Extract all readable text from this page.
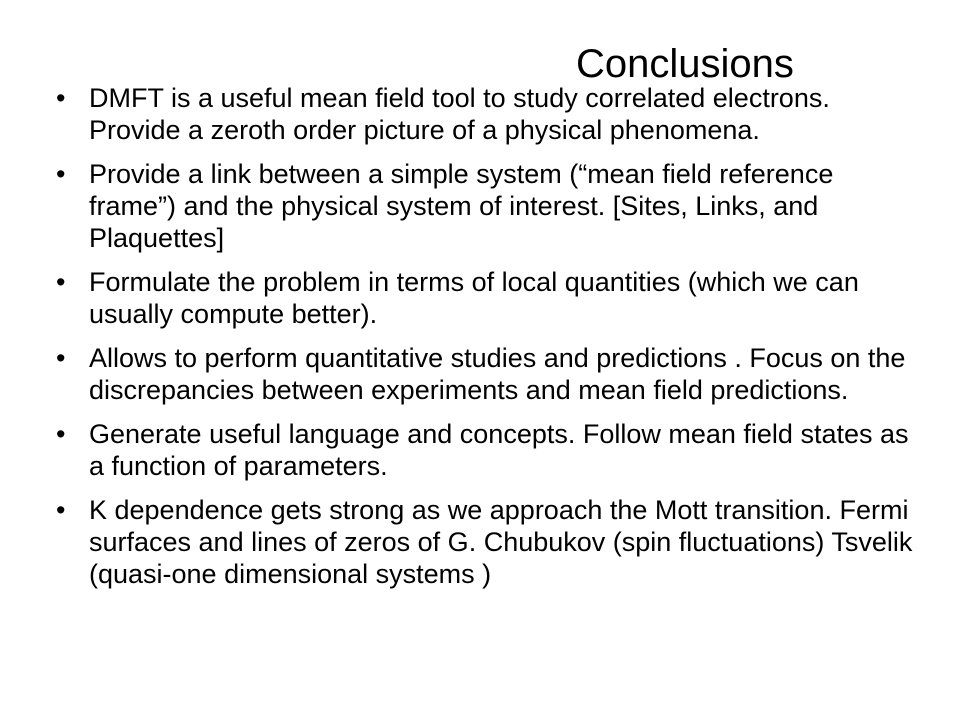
Conclusions
• DMFT is a useful mean field tool to study correlated electrons. Provide a zeroth order picture of a physical phenomena.
• Provide a link between a simple system (“mean field reference frame”) and the physical system of interest. [Sites, Links, and Plaquettes]
• Formulate the problem in terms of local quantities (which we can usually compute better).
• Allows to perform quantitative studies and predictions . Focus on the discrepancies between experiments and mean field predictions.
• Generate useful language and concepts. Follow mean field states as a function of parameters.
• K dependence gets strong as we approach the Mott transition. Fermi surfaces and lines of zeros of G. Chubukov (spin fluctuations) Tsvelik (quasi-one dimensional systems )
